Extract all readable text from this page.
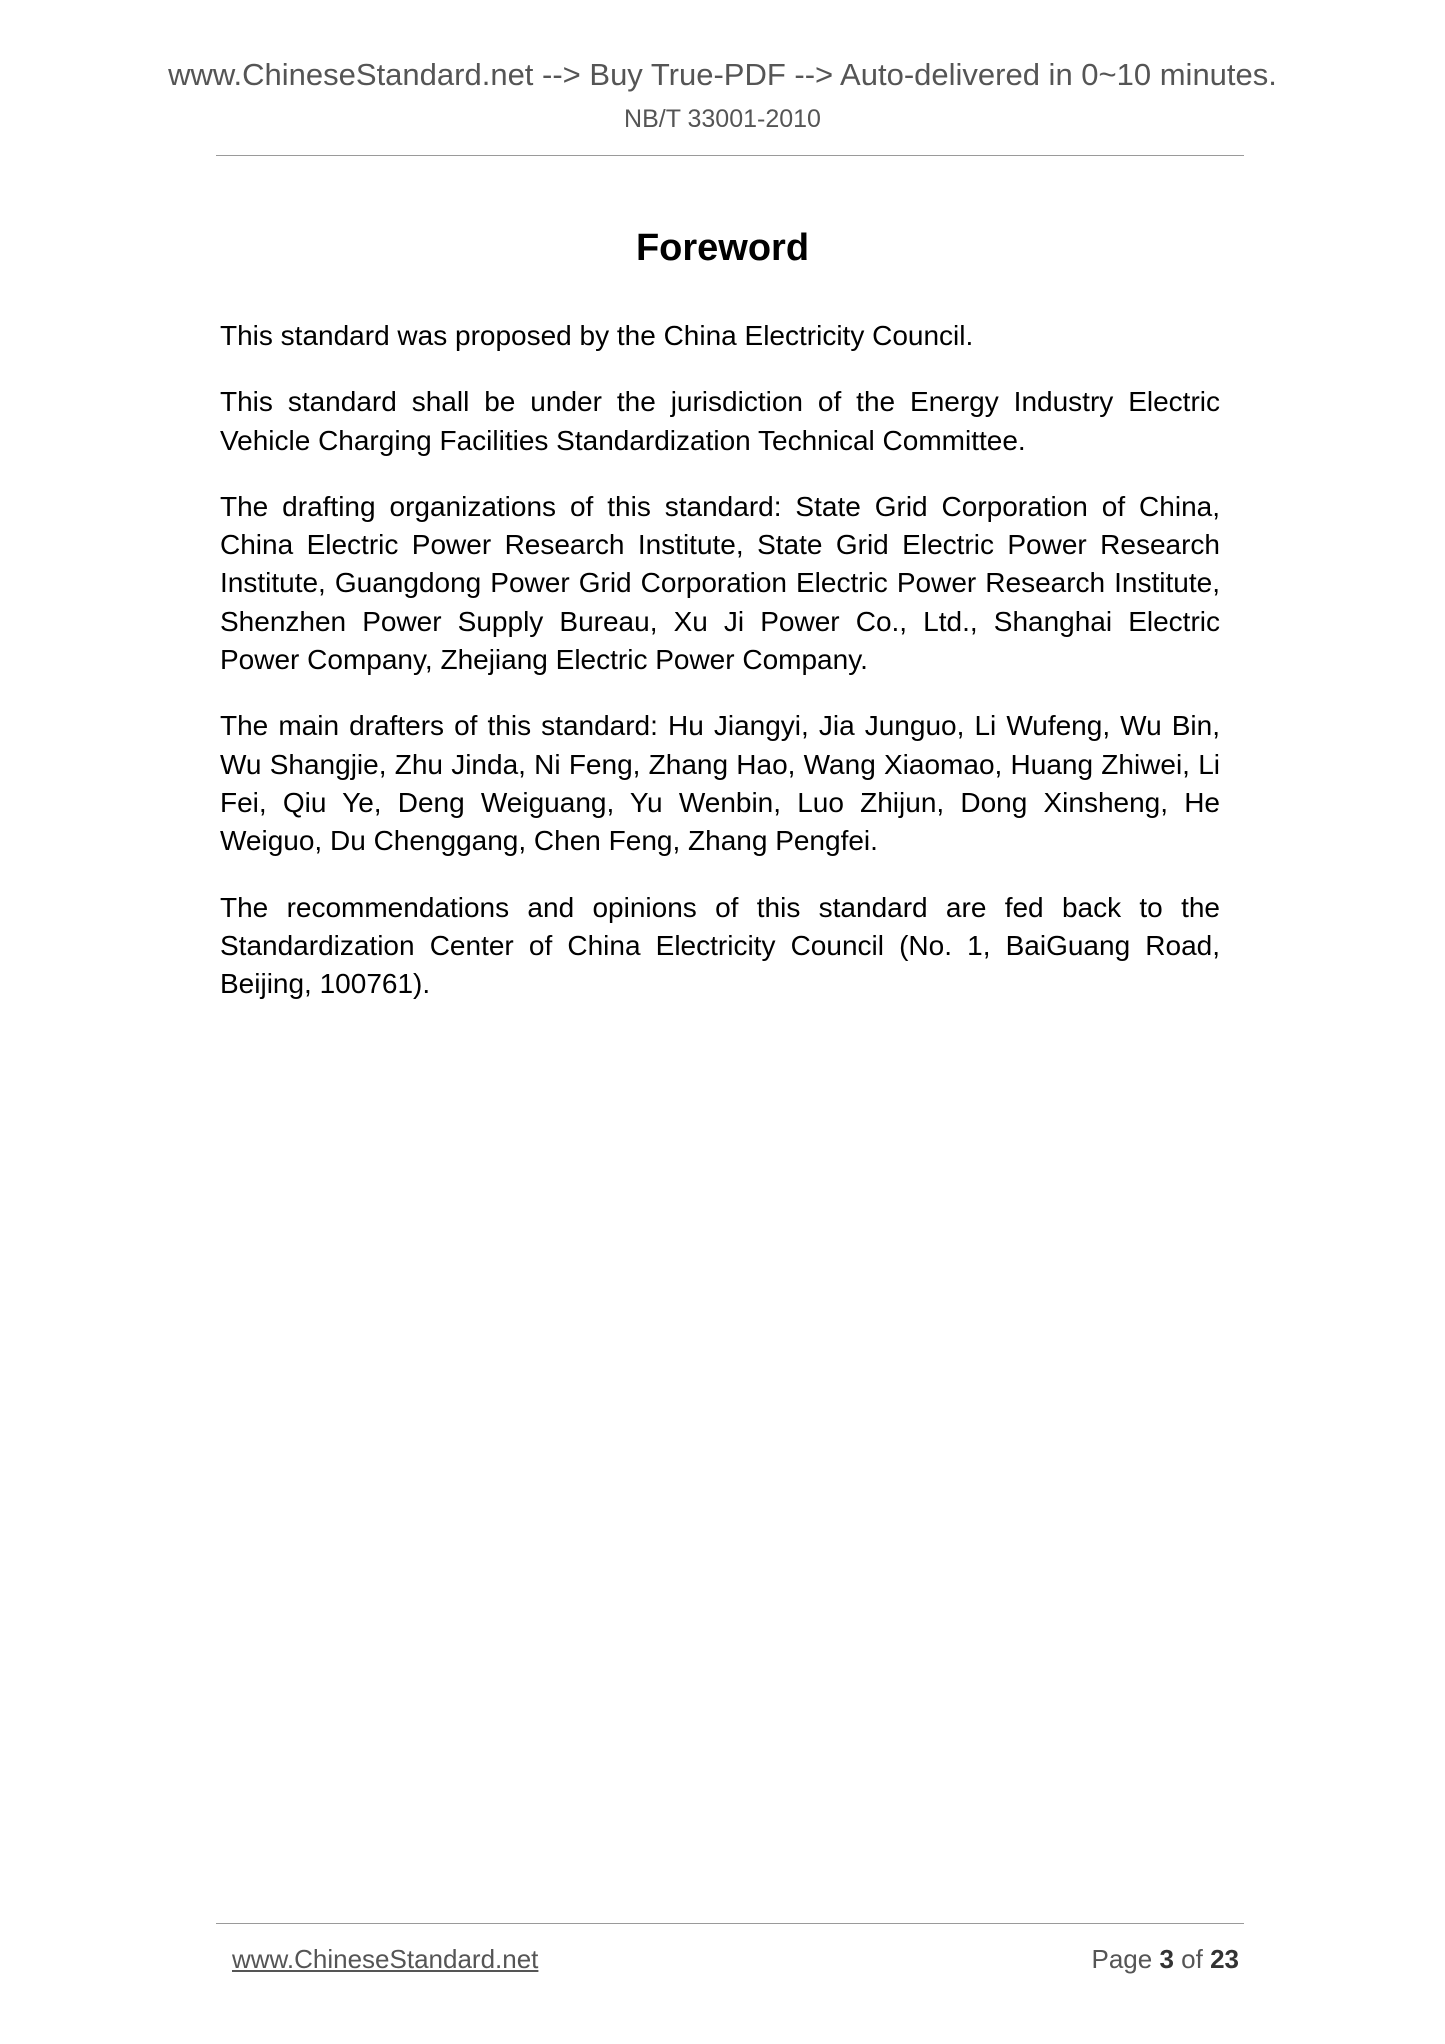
www.ChineseStandard.net --> Buy True-PDF --> Auto-delivered in 0~10 minutes.
NB/T 33001-2010
Foreword

This standard was proposed by the China Electricity Council.

This standard shall be under the jurisdiction of the Energy Industry Electric Vehicle Charging Facilities Standardization Technical Committee.

The drafting organizations of this standard: State Grid Corporation of China, China Electric Power Research Institute, State Grid Electric Power Research Institute, Guangdong Power Grid Corporation Electric Power Research Institute, Shenzhen Power Supply Bureau, Xu Ji Power Co., Ltd., Shanghai Electric Power Company, Zhejiang Electric Power Company.

The main drafters of this standard: Hu Jiangyi, Jia Junguo, Li Wufeng, Wu Bin, Wu Shangjie, Zhu Jinda, Ni Feng, Zhang Hao, Wang Xiaomao, Huang Zhiwei, Li Fei, Qiu Ye, Deng Weiguang, Yu Wenbin, Luo Zhijun, Dong Xinsheng, He Weiguo, Du Chenggang, Chen Feng, Zhang Pengfei.

The recommendations and opinions of this standard are fed back to the Standardization Center of China Electricity Council (No. 1, BaiGuang Road, Beijing, 100761).

www.ChineseStandard.net	Page 3 of 23
